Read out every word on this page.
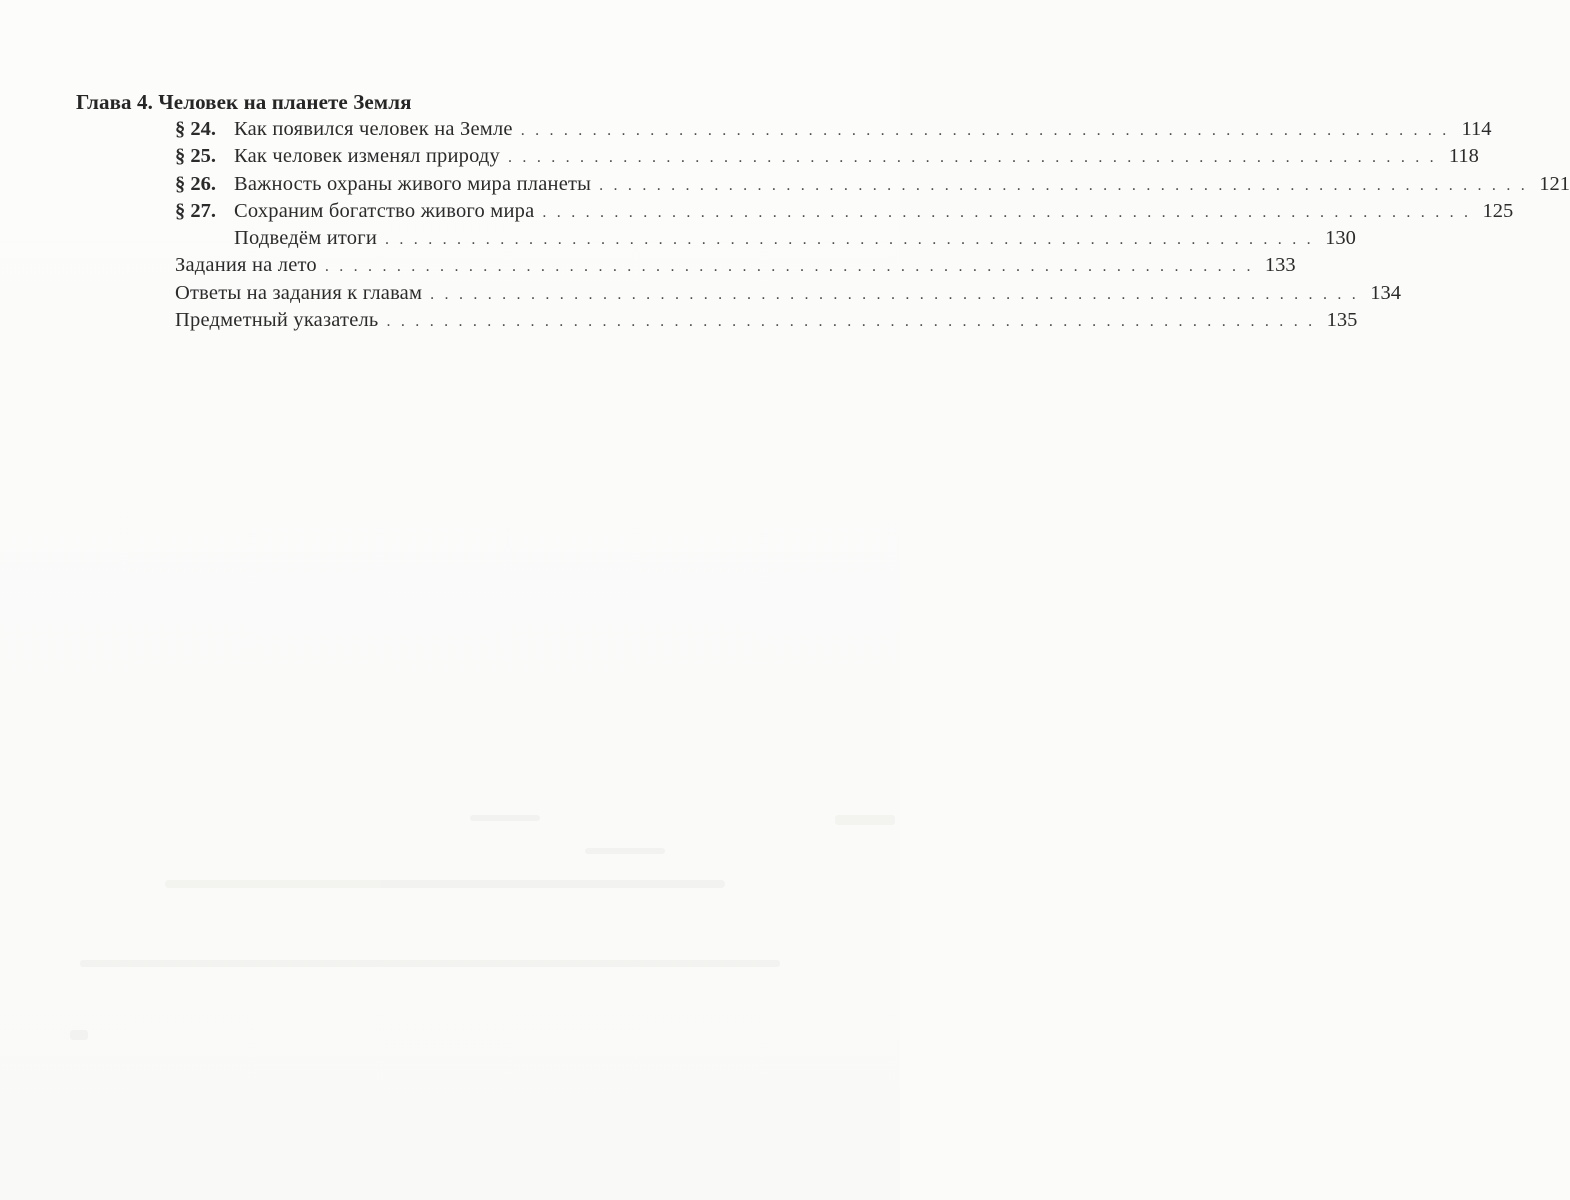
Глава 4. Человек на планете Земля
§ 24. Как появился человек на Земле . . . . . . . . . . . . . . . . . . . . . . . . . . . . . . . . . . . . . . . . . . . . . . . . . . . . . . . . . . . . . . . . . 114
§ 25. Как человек изменял природу . . . . . . . . . . . . . . . . . . . . . . . . . . . . . . . . . . . . . . . . . . . . . . . . . . . . . . . . . . . . . . . . . 118
§ 26. Важность охраны живого мира планеты . . . . . . . . . . . . . . . . . . . . . . . . . . . . . . . . . . . . . . . . . . . . . . . . . . . . . . . . . . . . . . . . . 121
§ 27. Сохраним богатство живого мира . . . . . . . . . . . . . . . . . . . . . . . . . . . . . . . . . . . . . . . . . . . . . . . . . . . . . . . . . . . . . . . . . 125
Подведём итоги . . . . . . . . . . . . . . . . . . . . . . . . . . . . . . . . . . . . . . . . . . . . . . . . . . . . . . . . . . . . . . . . . 130
Задания на лето . . . . . . . . . . . . . . . . . . . . . . . . . . . . . . . . . . . . . . . . . . . . . . . . . . . . . . . . . . . . . . . . . 133
Ответы на задания к главам . . . . . . . . . . . . . . . . . . . . . . . . . . . . . . . . . . . . . . . . . . . . . . . . . . . . . . . . . . . . . . . . . 134
Предметный указатель . . . . . . . . . . . . . . . . . . . . . . . . . . . . . . . . . . . . . . . . . . . . . . . . . . . . . . . . . . . . . . . . . 135
